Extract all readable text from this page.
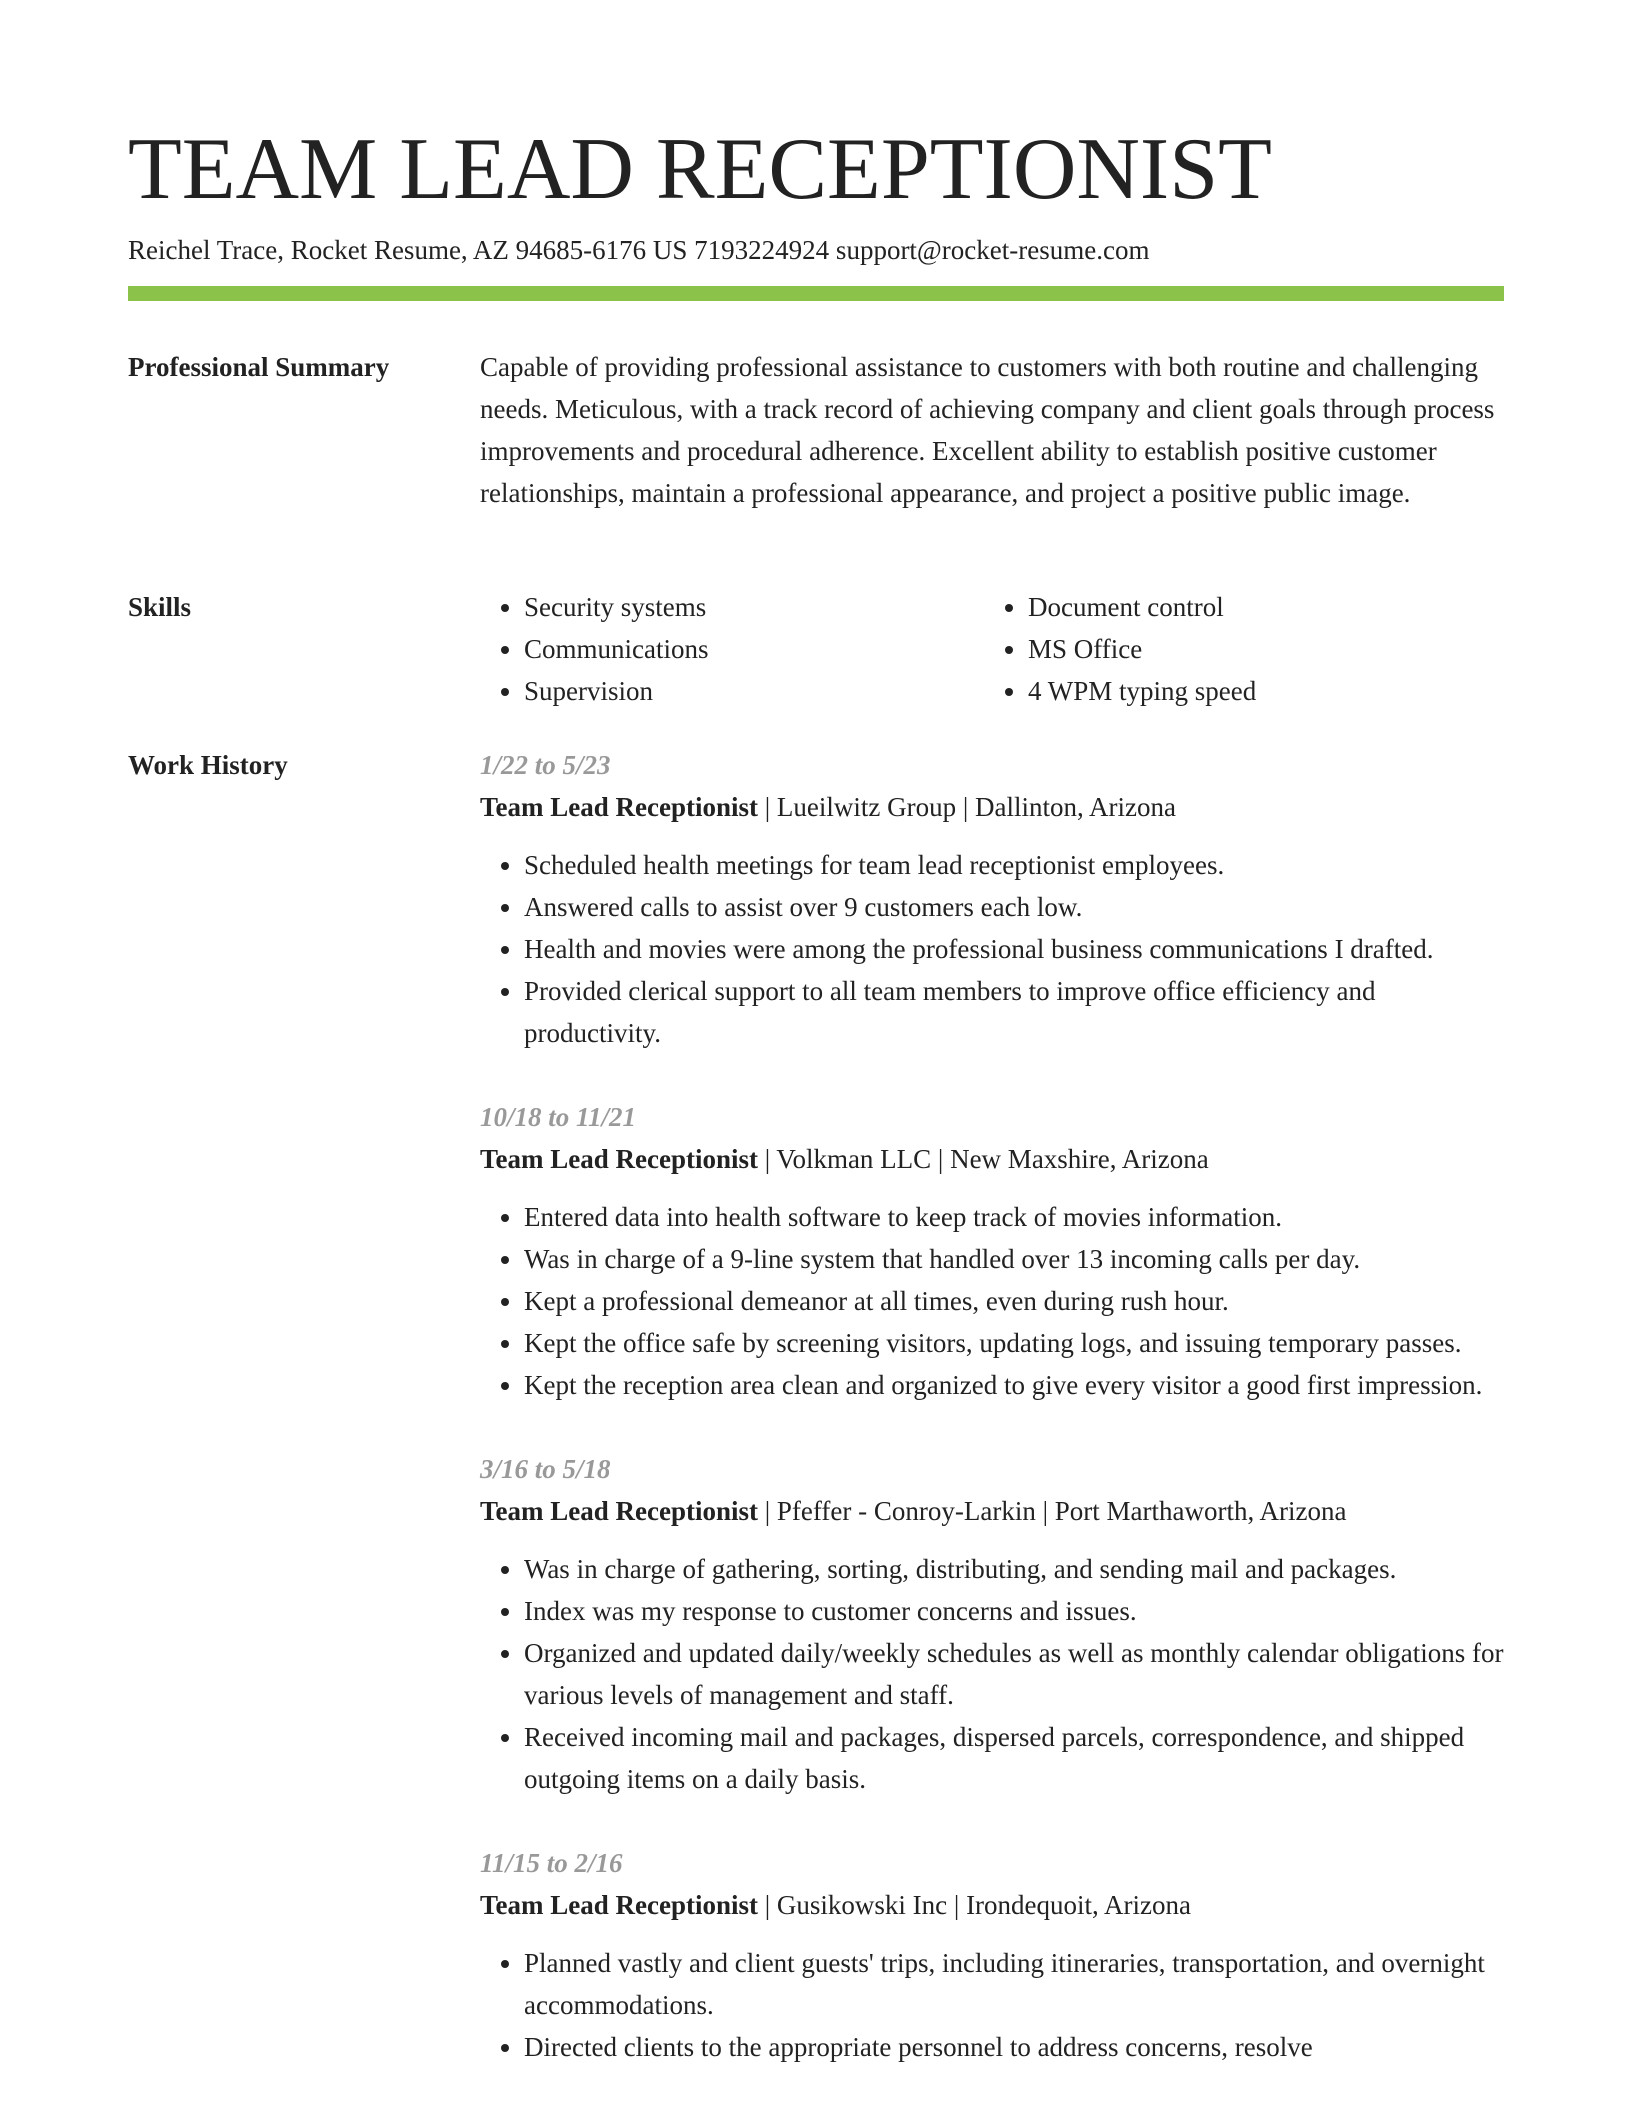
TEAM LEAD RECEPTIONIST
Reichel Trace, Rocket Resume, AZ 94685-6176 US 7193224924 support@rocket-resume.com
Professional Summary	Capable of providing professional assistance to customers with both routine and challenging needs. Meticulous, with a track record of achieving company and client goals through process improvements and procedural adherence. Excellent ability to establish positive customer relationships, maintain a professional appearance, and project a positive public image.

Skills
•	Security systems
• Communications
• Supervision
• Document control
• MS Office
• 4 WPM typing speed
Work History	1/22 to 5/23
Team Lead Receptionist | Lueilwitz Group | Dallinton, Arizona
• Scheduled health meetings for team lead receptionist employees.
• Answered calls to assist over 9 customers each low.
• Health and movies were among the professional business communications I drafted.
• Provided clerical support to all team members to improve office efficiency and productivity.
10/18 to 11/21
Team Lead Receptionist | Volkman LLC | New Maxshire, Arizona
• Entered data into health software to keep track of movies information.
• Was in charge of a 9-line system that handled over 13 incoming calls per day.
• Kept a professional demeanor at all times, even during rush hour.
• Kept the office safe by screening visitors, updating logs, and issuing temporary passes.
• Kept the reception area clean and organized to give every visitor a good first impression.
3/16 to 5/18
Team Lead Receptionist | Pfeffer - Conroy-Larkin | Port Marthaworth, Arizona
• Was in charge of gathering, sorting, distributing, and sending mail and packages.
• Index was my response to customer concerns and issues.
• Organized and updated daily/weekly schedules as well as monthly calendar obligations for various levels of management and staff.
• Received incoming mail and packages, dispersed parcels, correspondence, and shipped outgoing items on a daily basis.
11/15 to 2/16
Team Lead Receptionist | Gusikowski Inc | Irondequoit, Arizona
• Planned vastly and client guests' trips, including itineraries, transportation, and overnight accommodations.
• Directed clients to the appropriate personnel to address concerns, resolve
